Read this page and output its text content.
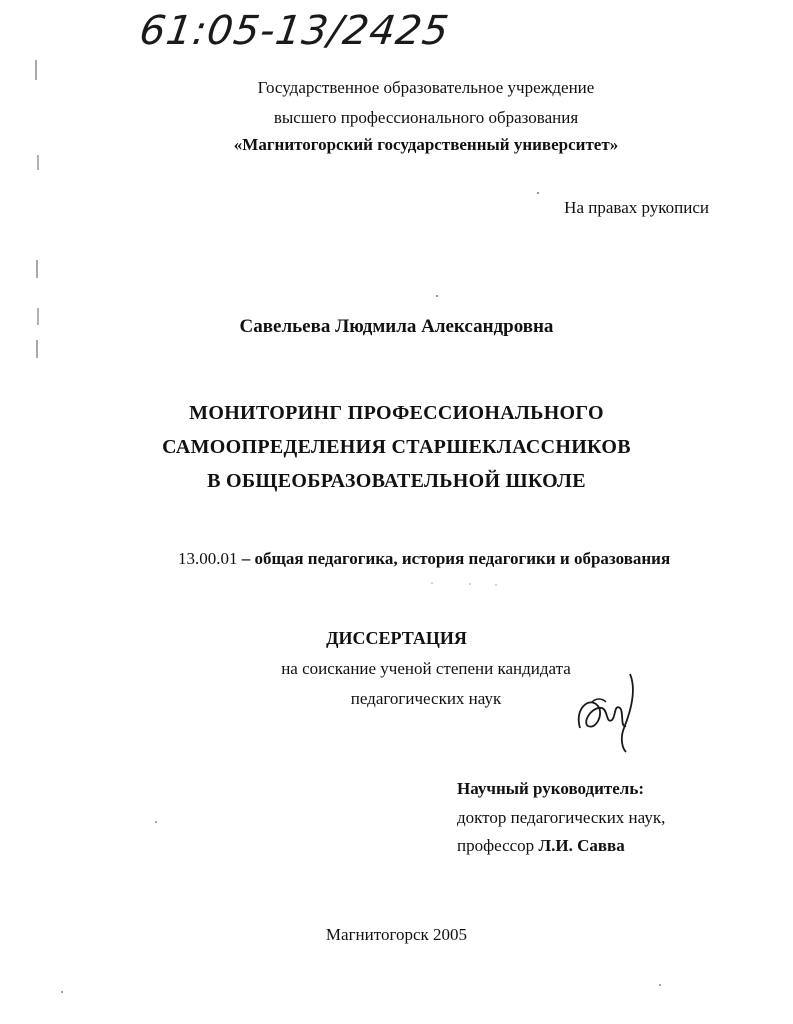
61:05-13/2425
Государственное образовательное учреждение
высшего профессионального образования
«Магнитогорский государственный университет»
На правах рукописи
Савельева Людмила Александровна
МОНИТОРИНГ ПРОФЕССИОНАЛЬНОГО
САМООПРЕДЕЛЕНИЯ СТАРШЕКЛАССНИКОВ
В ОБЩЕОБРАЗОВАТЕЛЬНОЙ ШКОЛЕ
13.00.01 – общая педагогика, история педагогики и образования
ДИССЕРТАЦИЯ
на соискание ученой степени кандидата
педагогических наук
Научный руководитель:
доктор педагогических наук,
профессор Л.И. Савва
Магнитогорск 2005
